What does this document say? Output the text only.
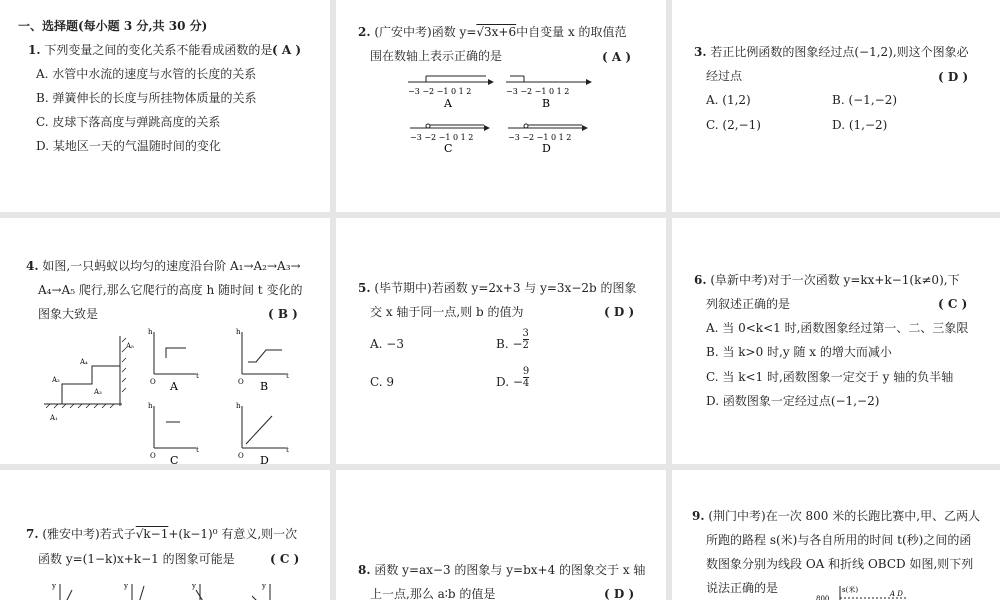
一、选择题(每小题 3 分,共 30 分)
1. 下列变量之间的变化关系不能看成函数的是 ( A )
A. 水管中水流的速度与水管的长度的关系
B. 弹簧伸长的长度与所挂物体质量的关系
C. 皮球下落高度与弹跳高度的关系
D. 某地区一天的气温随时间的变化
2. (广安中考)函数 y=√3x+6中自变量 x 的取值范
围在数轴上表示正确的是	( A )
−3 −2 −1 0 1 2
A
−3 −2 −1 0 1 2
B
−3 −2 −1 0 1 2
C
−3 −2 −1 0 1 2
D
3. 若正比例函数的图象经过点(−1,2),则这个图象必
经过点	( D )
A. (1,2)	B. (−1,−2)
C. (2,−1)	D. (1,−2)
4. 如图,一只蚂蚁以均匀的速度沿台阶 A₁→A₂→A₃→
A₄→A₅ 爬行,那么它爬行的高度 h 随时间 t 变化的
图象大致是	( B )
A₁
A₂
A₃
A₄
A₅
h
t
O A
h
t
O B
h
t
O C
h
t
O D
5. (毕节期中)若函数 y=2x+3 与 y=3x−2b 的图象
交 x 轴于同一点,则 b 的值为	( D )
A. −3	B. − $\frac{3}{2}$
C. 9	D. − $\frac{9}{4}$
6. (阜新中考)对于一次函数 y=kx+k−1(k≠0),下
列叙述正确的是	( C )
A. 当 0<k<1 时,函数图象经过第一、二、三象限
B. 当 k>0 时,y 随 x 的增大而减小
C. 当 k<1 时,函数图象一定交于 y 轴的负半轴
D. 函数图象一定经过点(−1,−2)
7. (雅安中考)若式子√k−1+(k−1)⁰ 有意义,则一次
函数 y=(1−k)x+k−1 的图象可能是	( C )
y	y	y	y
8. 函数 y=ax−3 的图象与 y=bx+4 的图象交于 x 轴
上一点,那么 a∶b 的值是	( D )
9. (荆门中考)在一次 800 米的长跑比赛中,甲、乙两人
所跑的路程 s(米)与各自所用的时间 t(秒)之间的函
数图象分别为线段 OA 和折线 OBCD 如图,则下列
说法正确的是	s(米)
800
A D
